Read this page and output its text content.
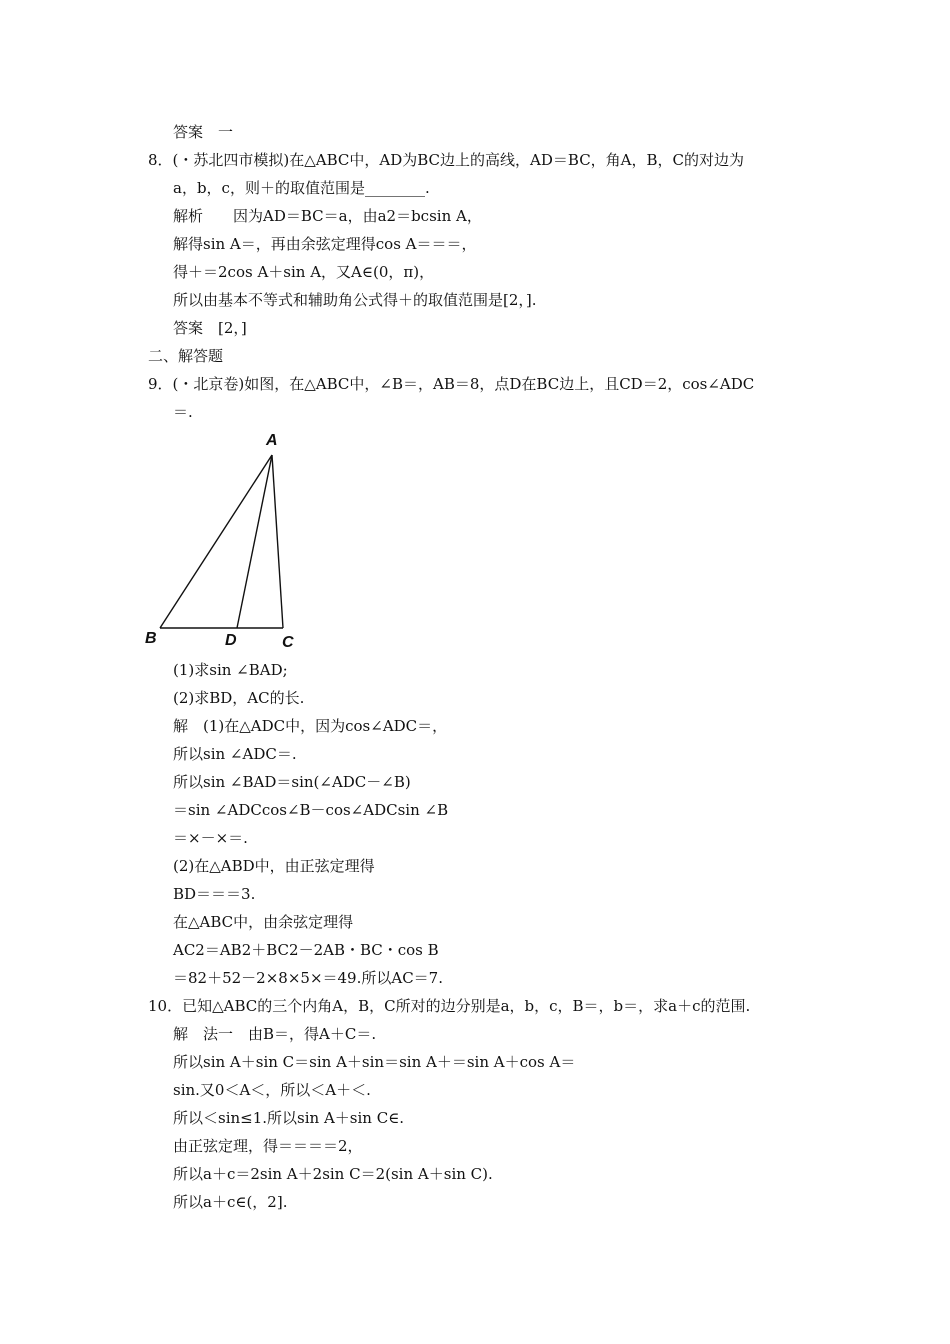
答案　一
8．(・苏北四市模拟)在△ABC中，AD为BC边上的高线，AD＝BC，角A，B，C的对边为
a，b，c，则＋的取值范围是________.
解析　　因为AD＝BC＝a，由a2＝bcsin A，
解得sin A＝，再由余弦定理得cos A＝＝＝，
得＋＝2cos A＋sin A，又A∈(0，π)，
所以由基本不等式和辅助角公式得＋的取值范围是[2，].
答案　[2，]
二、解答题
9．(・北京卷)如图，在△ABC中，∠B＝，AB＝8，点D在BC边上，且CD＝2，cos∠ADC
＝.
A
B	D	C
(1)求sin ∠BAD;
(2)求BD，AC的长.
解　(1)在△ADC中，因为cos∠ADC＝，
所以sin ∠ADC＝.
所以sin ∠BAD＝sin(∠ADC－∠B)
＝sin ∠ADCcos∠B－cos∠ADCsin ∠B
＝×－×＝.
(2)在△ABD中，由正弦定理得
BD＝＝＝3.
在△ABC中，由余弦定理得
AC2＝AB2＋BC2－2AB・BC・cos B
＝82＋52－2×8×5×＝49.所以AC＝7.
10．已知△ABC的三个内角A，B，C所对的边分别是a，b，c，B＝，b＝，求a＋c的范围.
解　法一　由B＝，得A＋C＝.
所以sin A＋sin C＝sin A＋sin＝sin A＋＝sin A＋cos A＝
sin.又0＜A＜，所以＜A＋＜.
所以＜sin≤1.所以sin A＋sin C∈.
由正弦定理，得＝＝＝＝2，
所以a＋c＝2sin A＋2sin C＝2(sin A＋sin C).
所以a＋c∈(，2].
